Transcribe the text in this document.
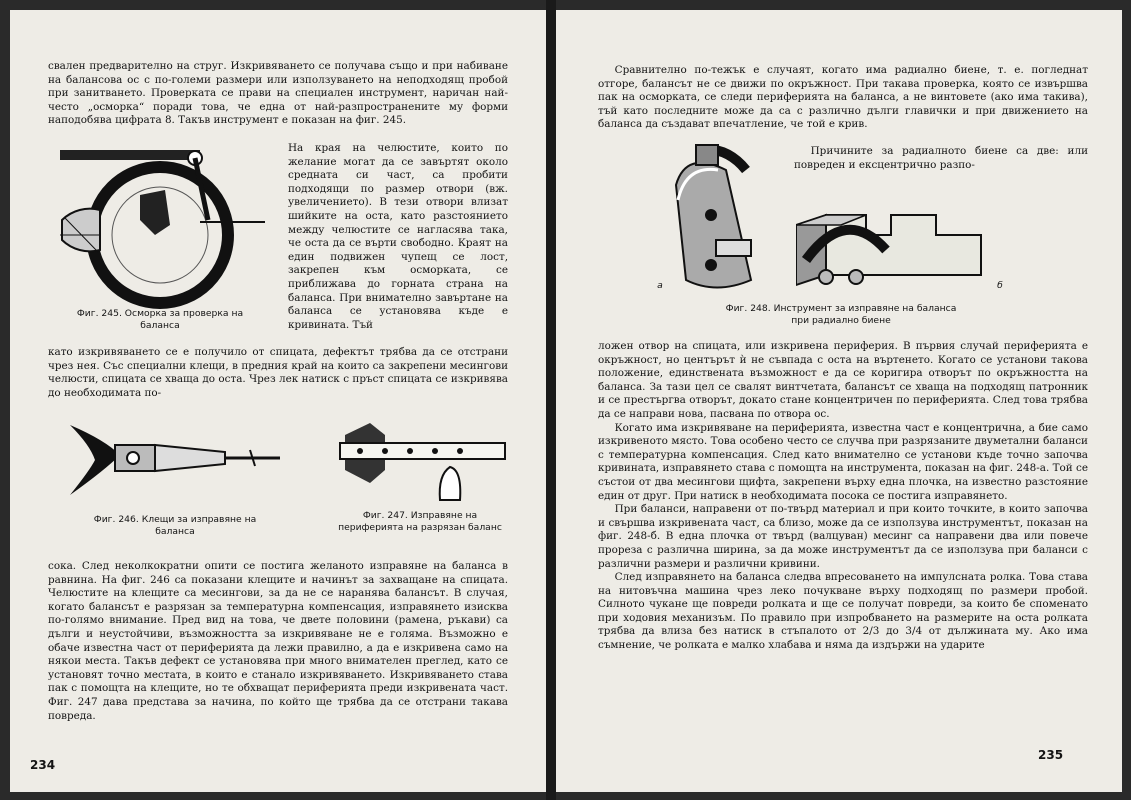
свален предварително на струг. Изкривяването се получава също и при набиване на балансова ос с по-големи размери или използуването на неподходящ пробой при занитването. Проверката се прави на специален инструмент, наричан най-често „осморка“ поради това, че една от най-разпространените му форми наподобява цифрата 8. Такъв инструмент е показан на фиг. 245.

Фиг. 245. Осморка за проверка на баланса

На края на челюстите, които по желание могат да се завъртят около средната си част, са пробити подходящи по размер отвори (вж. увеличението). В тези отвори влизат шийките на оста, като разстоянието между челюстите се нагласява така, че оста да се върти свободно. Краят на един подвижен чупещ се лост, закрепен към осморката, се приближава до горната страна на баланса. При внимателно завъртане на баланса се установява къде е кривината. Тъй

като изкривяването се е получило от спицата, дефектът трябва да се отстрани чрез нея. Със специални клещи, в предния край на които са закрепени месингови челюсти, спицата се хваща до оста. Чрез лек натиск с пръст спицата се изкривява до необходимата по-

Фиг. 246. Клещи за изправяне на баланса
Фиг. 247. Изправяне на периферията на разрязан баланс

сока. След неколкократни опити се постига желаното изправяне на баланса в равнина. На фиг. 246 са показани клещите и начинът за захващане на спицата. Челюстите на клещите са месингови, за да не се наранява балансът. В случая, когато балансът е разрязан за температурна компенсация, изправянето изисква по-голямо внимание. Пред вид на това, че двете половини (рамена, ръкави) са дълги и неустойчиви, възможността за изкривяване не е голяма. Възможно е обаче известна част от периферията да лежи правилно, а да е изкривена само на някои места. Такъв дефект се установява при много внимателен преглед, като се установят точно местата, в които е станало изкривяването. Изкривяването става пак с помощта на клещите, но те обхващат периферията преди изкривената част. Фиг. 247 дава представа за начина, по който ще трябва да се отстрани такава повреда.

234

Сравнително по-тежък е случаят, когато има радиално биене, т. е. погледнат отгоре, балансът не се движи по окръжност. При такава проверка, която се извършва пак на осморката, се следи периферията на баланса, а не винтовете (ако има такива), тъй като последните може да са с различно дълги главички и при движението на баланса да създават впечатление, че той е крив.

Причините за радиалното биене са две: или повреден и ексцентрично разпо-

а	б
Фиг. 248. Инструмент за изправяне на баланса при радиално биене
ложен отвор на спицата, или изкривена периферия. В първия случай периферията е окръжност, но центърът ѝ не съвпада с оста на въртенето. Когато се установи такова положение, единствената възможност е да се коригира отворът по окръжността на баланса. За тази цел се свалят винтчетата, балансът се хваща на подходящ патронник и се престъргва отворът, докато стане концентричен по периферията. След това трябва да се направи нова, пасвана по отвора ос.
Когато има изкривяване на периферията, известна част е концентрична, а бие само изкривеното място. Това особено често се случва при разрязаните двуметални баланси с температурна компенсация. След като внимателно се установи къде точно започва кривината, изправянето става с помощта на инструмента, показан на фиг. 248-а. Той се състои от два месингови щифта, закрепени върху една плочка, на известно разстояние един от друг. При натиск в необходимата посока се постига изправянето.
При баланси, направени от по-твърд материал и при които точките, в които започва и свършва изкривената част, са близо, може да се използува инструментът, показан на фиг. 248-б. В една плочка от твърд (валцуван) месинг са направени два или повече прореза с различна ширина, за да може инструментът да се използува при баланси с различни размери и различни кривини.
След изправянето на баланса следва впресоването на импулсната ролка. Това става на нитовъчна машина чрез леко почукване върху подходящ по размери пробой. Силното чукане ще повреди ролката и ще се получат повреди, за които бе споменато при ходовия механизъм. По правило при изпробването на размерите на оста ролката трябва да влиза без натиск в стъпалото от 2/3 до 3/4 от дължината му. Ако има съмнение, че ролката е малко хлабава и няма да издържи на ударите
235
